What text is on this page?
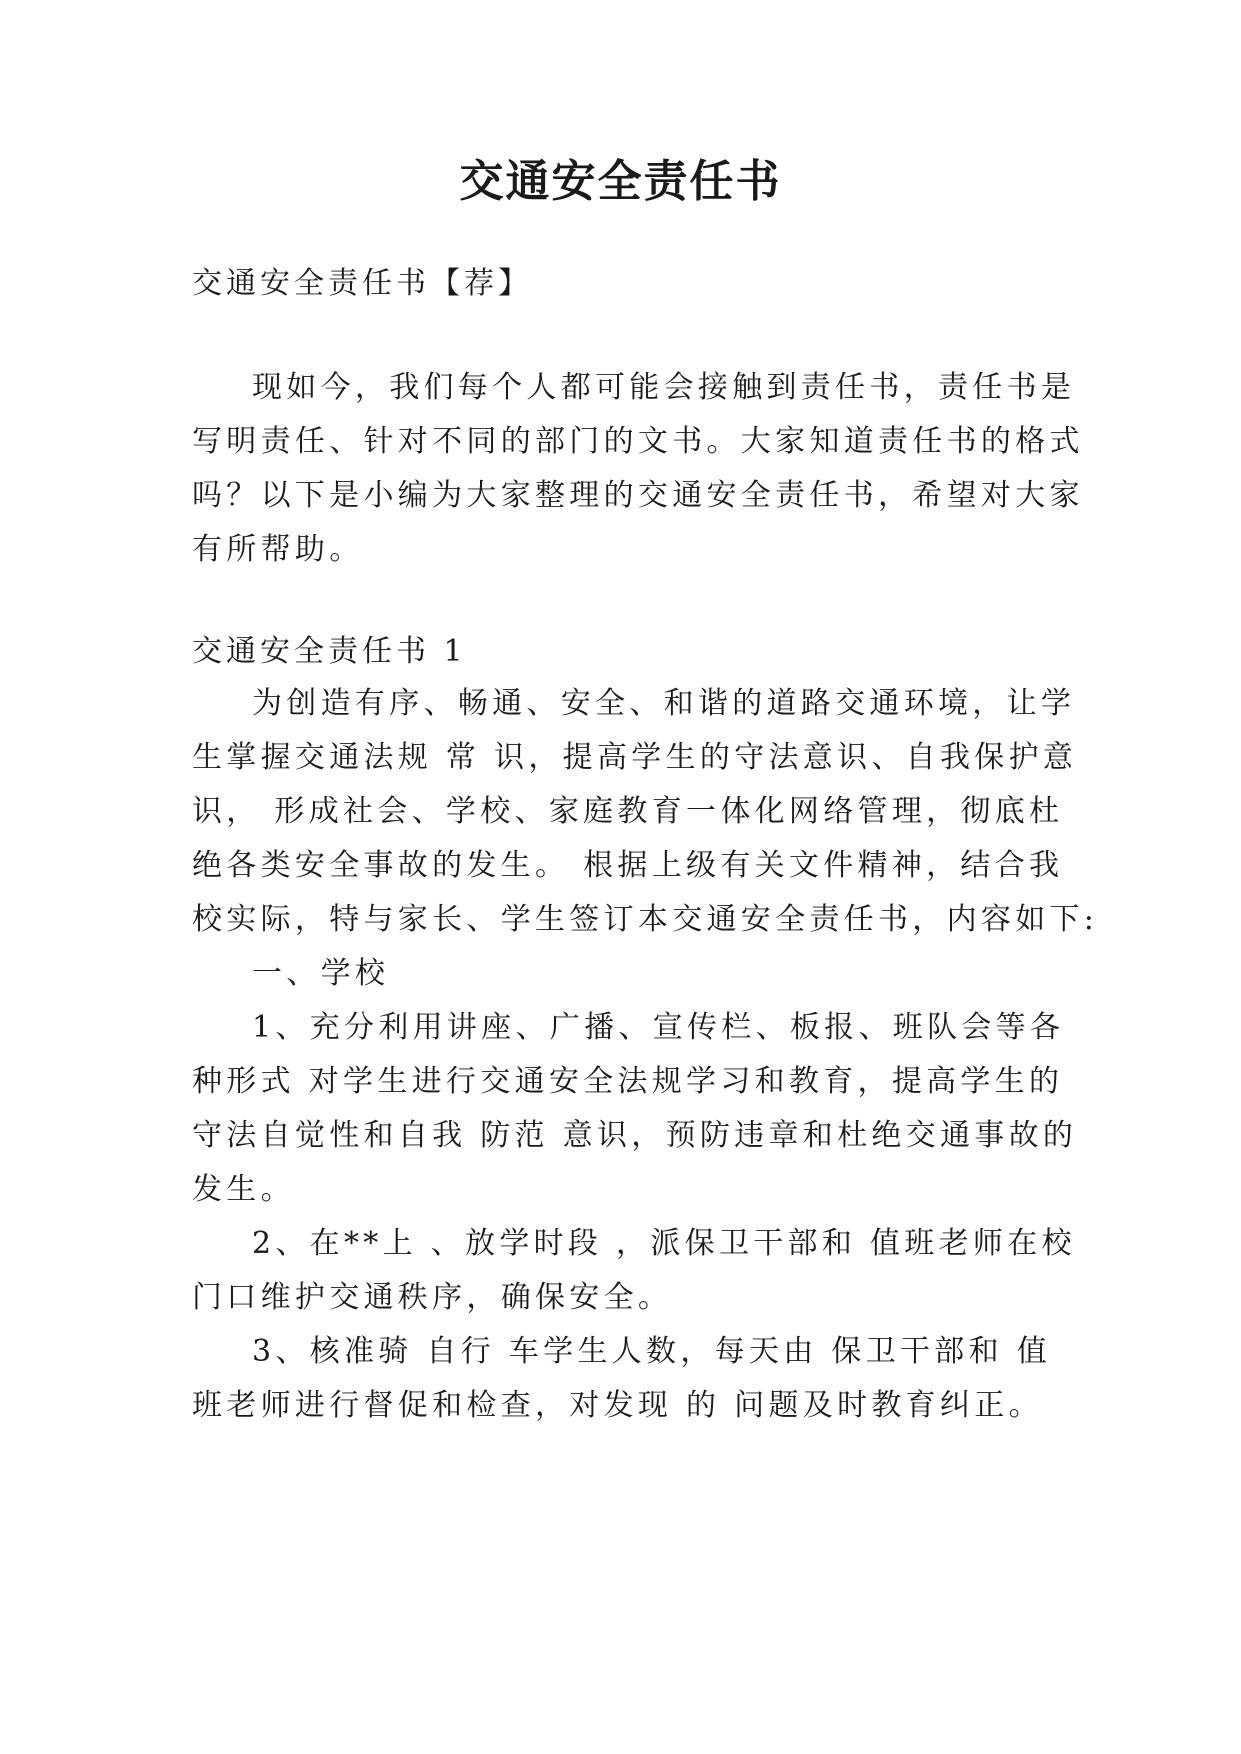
交通安全责任书

交通安全责任书【荐】

现如今，我们每个人都可能会接触到责任书，责任书是

写明责任、针对不同的部门的文书。大家知道责任书的格式

吗？以下是小编为大家整理的交通安全责任书，希望对大家

有所帮助。

交通安全责任书 1

为创造有序、畅通、安全、和谐的道路交通环境，让学

生掌握交通法规 常 识，提高学生的守法意识、自我保护意

识， 形成社会、学校、家庭教育一体化网络管理，彻底杜

绝各类安全事故的发生。 根据上级有关文件精神，结合我

校实际，特与家长、学生签订本交通安全责任书，内容如下:

一、学校

1、充分利用讲座、广播、宣传栏、板报、班队会等各

种形式 对学生进行交通安全法规学习和教育，提高学生的

守法自觉性和自我 防范 意识，预防违章和杜绝交通事故的

发生。

2、在**上 、放学时段 ，派保卫干部和 值班老师在校

门口维护交通秩序，确保安全。

3、核准骑 自行 车学生人数，每天由 保卫干部和 值

班老师进行督促和检查，对发现 的 问题及时教育纠正。
